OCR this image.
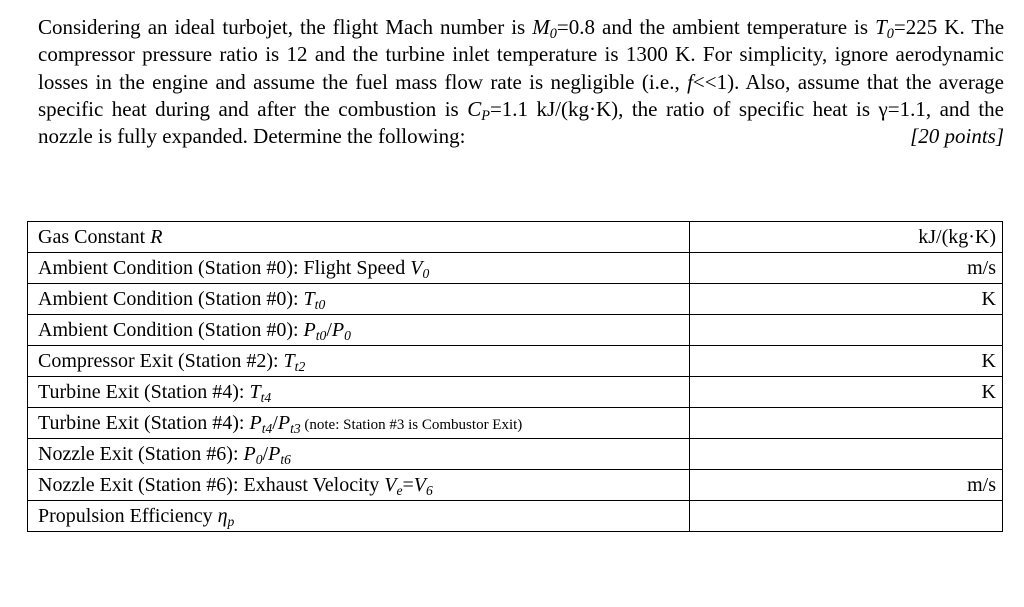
Considering an ideal turbojet, the flight Mach number is $M_0=0.8$ and the ambient temperature is $T_0=225$ K. The compressor pressure ratio is 12 and the turbine inlet temperature is 1300 K. For simplicity, ignore aerodynamic losses in the engine and assume the fuel mass flow rate is negligible (i.e., f<<1). Also, assume that the average specific heat during and after the combustion is $C_P=1.1$ kJ/(kg·K), the ratio of specific heat is γ=1.1, and the nozzle is fully expanded. Determine the following:	[20 points]

Gas Constant R	kJ/(kg·K)
Ambient Condition (Station #0): Flight Speed $V_0$	m/s
Ambient Condition (Station #0): $T_{t0}$	K
Ambient Condition (Station #0): $P_{t0}/P_0$	
Compressor Exit (Station #2): $T_{t2}$	K
Turbine Exit (Station #4): $T_{t4}$	K
Turbine Exit (Station #4): $P_{t4}/P_{t3}$ (note: Station #3 is Combustor Exit)	
Nozzle Exit (Station #6): $P_0/P_{t6}$	
Nozzle Exit (Station #6): Exhaust Velocity $V_e=V_6$	m/s
Propulsion Efficiency $\eta_p$	
